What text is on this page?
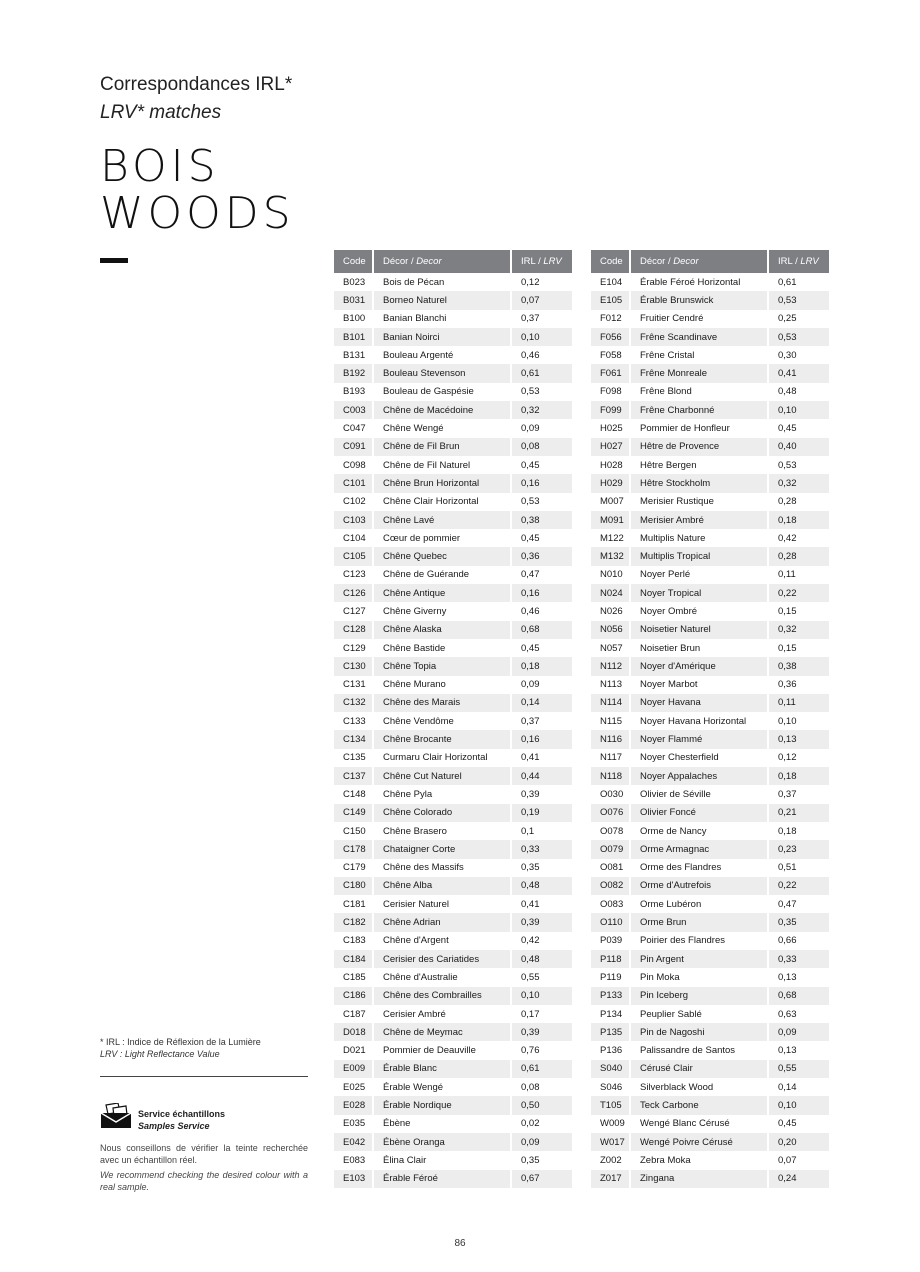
Correspondances IRL*
LRV* matches
BOIS
WOODS
Code	Décor / Decor	IRL / LRV
B023	Bois de Pécan	0,12
B031	Borneo Naturel	0,07
B100	Banian Blanchi	0,37
B101	Banian Noirci	0,10
B131	Bouleau Argenté	0,46
B192	Bouleau Stevenson	0,61
B193	Bouleau de Gaspésie	0,53
C003	Chêne de Macédoine	0,32
C047	Chêne Wengé	0,09
C091	Chêne de Fil Brun	0,08
C098	Chêne de Fil Naturel	0,45
C101	Chêne Brun Horizontal	0,16
C102	Chêne Clair Horizontal	0,53
C103	Chêne Lavé	0,38
C104	Cœur de pommier	0,45
C105	Chêne Quebec	0,36
C123	Chêne de Guérande	0,47
C126	Chêne Antique	0,16
C127	Chêne Giverny	0,46
C128	Chêne Alaska	0,68
C129	Chêne Bastide	0,45
C130	Chêne Topia	0,18
C131	Chêne Murano	0,09
C132	Chêne des Marais	0,14
C133	Chêne Vendôme	0,37
C134	Chêne Brocante	0,16
C135	Curmaru Clair Horizontal	0,41
C137	Chêne Cut Naturel	0,44
C148	Chêne Pyla	0,39
C149	Chêne Colorado	0,19
C150	Chêne Brasero	0,1
C178	Chataigner Corte	0,33
C179	Chêne des Massifs	0,35
C180	Chêne Alba	0,48
C181	Cerisier Naturel	0,41
C182	Chêne Adrian	0,39
C183	Chêne d'Argent	0,42
C184	Cerisier des Cariatides	0,48
C185	Chêne d'Australie	0,55
C186	Chêne des Combrailles	0,10
C187	Cerisier Ambré	0,17
D018	Chêne de Meymac	0,39
D021	Pommier de Deauville	0,76
E009	Érable Blanc	0,61
E025	Érable Wengé	0,08
E028	Érable Nordique	0,50
E035	Ébène	0,02
E042	Ébène Oranga	0,09
E083	Élina Clair	0,35
E103	Érable Féroé	0,67
Code	Décor / Decor	IRL / LRV
E104	Érable Féroé Horizontal	0,61
E105	Érable Brunswick	0,53
F012	Fruitier Cendré	0,25
F056	Frêne Scandinave	0,53
F058	Frêne Cristal	0,30
F061	Frêne Monreale	0,41
F098	Frêne Blond	0,48
F099	Frêne Charbonné	0,10
H025	Pommier de Honfleur	0,45
H027	Hêtre de Provence	0,40
H028	Hêtre Bergen	0,53
H029	Hêtre Stockholm	0,32
M007	Merisier Rustique	0,28
M091	Merisier Ambré	0,18
M122	Multiplis Nature	0,42
M132	Multiplis Tropical	0,28
N010	Noyer Perlé	0,11
N024	Noyer Tropical	0,22
N026	Noyer Ombré	0,15
N056	Noisetier Naturel	0,32
N057	Noisetier Brun	0,15
N112	Noyer d'Amérique	0,38
N113	Noyer Marbot	0,36
N114	Noyer Havana	0,11
N115	Noyer Havana Horizontal	0,10
N116	Noyer Flammé	0,13
N117	Noyer Chesterfield	0,12
N118	Noyer Appalaches	0,18
O030	Olivier de Séville	0,37
O076	Olivier Foncé	0,21
O078	Orme de Nancy	0,18
O079	Orme Armagnac	0,23
O081	Orme des Flandres	0,51
O082	Orme d'Autrefois	0,22
O083	Orme Lubéron	0,47
O110	Orme Brun	0,35
P039	Poirier des Flandres	0,66
P118	Pin Argent	0,33
P119	Pin Moka	0,13
P133	Pin Iceberg	0,68
P134	Peuplier Sablé	0,63
P135	Pin de Nagoshi	0,09
P136	Palissandre de Santos	0,13
S040	Cérusé Clair	0,55
S046	Silverblack Wood	0,14
T105	Teck Carbone	0,10
W009	Wengé Blanc Cérusé	0,45
W017	Wengé Poivre Cérusé	0,20
Z002	Zebra Moka	0,07
Z017	Zingana	0,24
* IRL : Indice de Réflexion de la Lumière
LRV : Light Reflectance Value
Service échantillons
Samples Service
Nous conseillons de vérifier la teinte recherchée avec un échantillon réel.
We recommend checking the desired colour with a real sample.
86
